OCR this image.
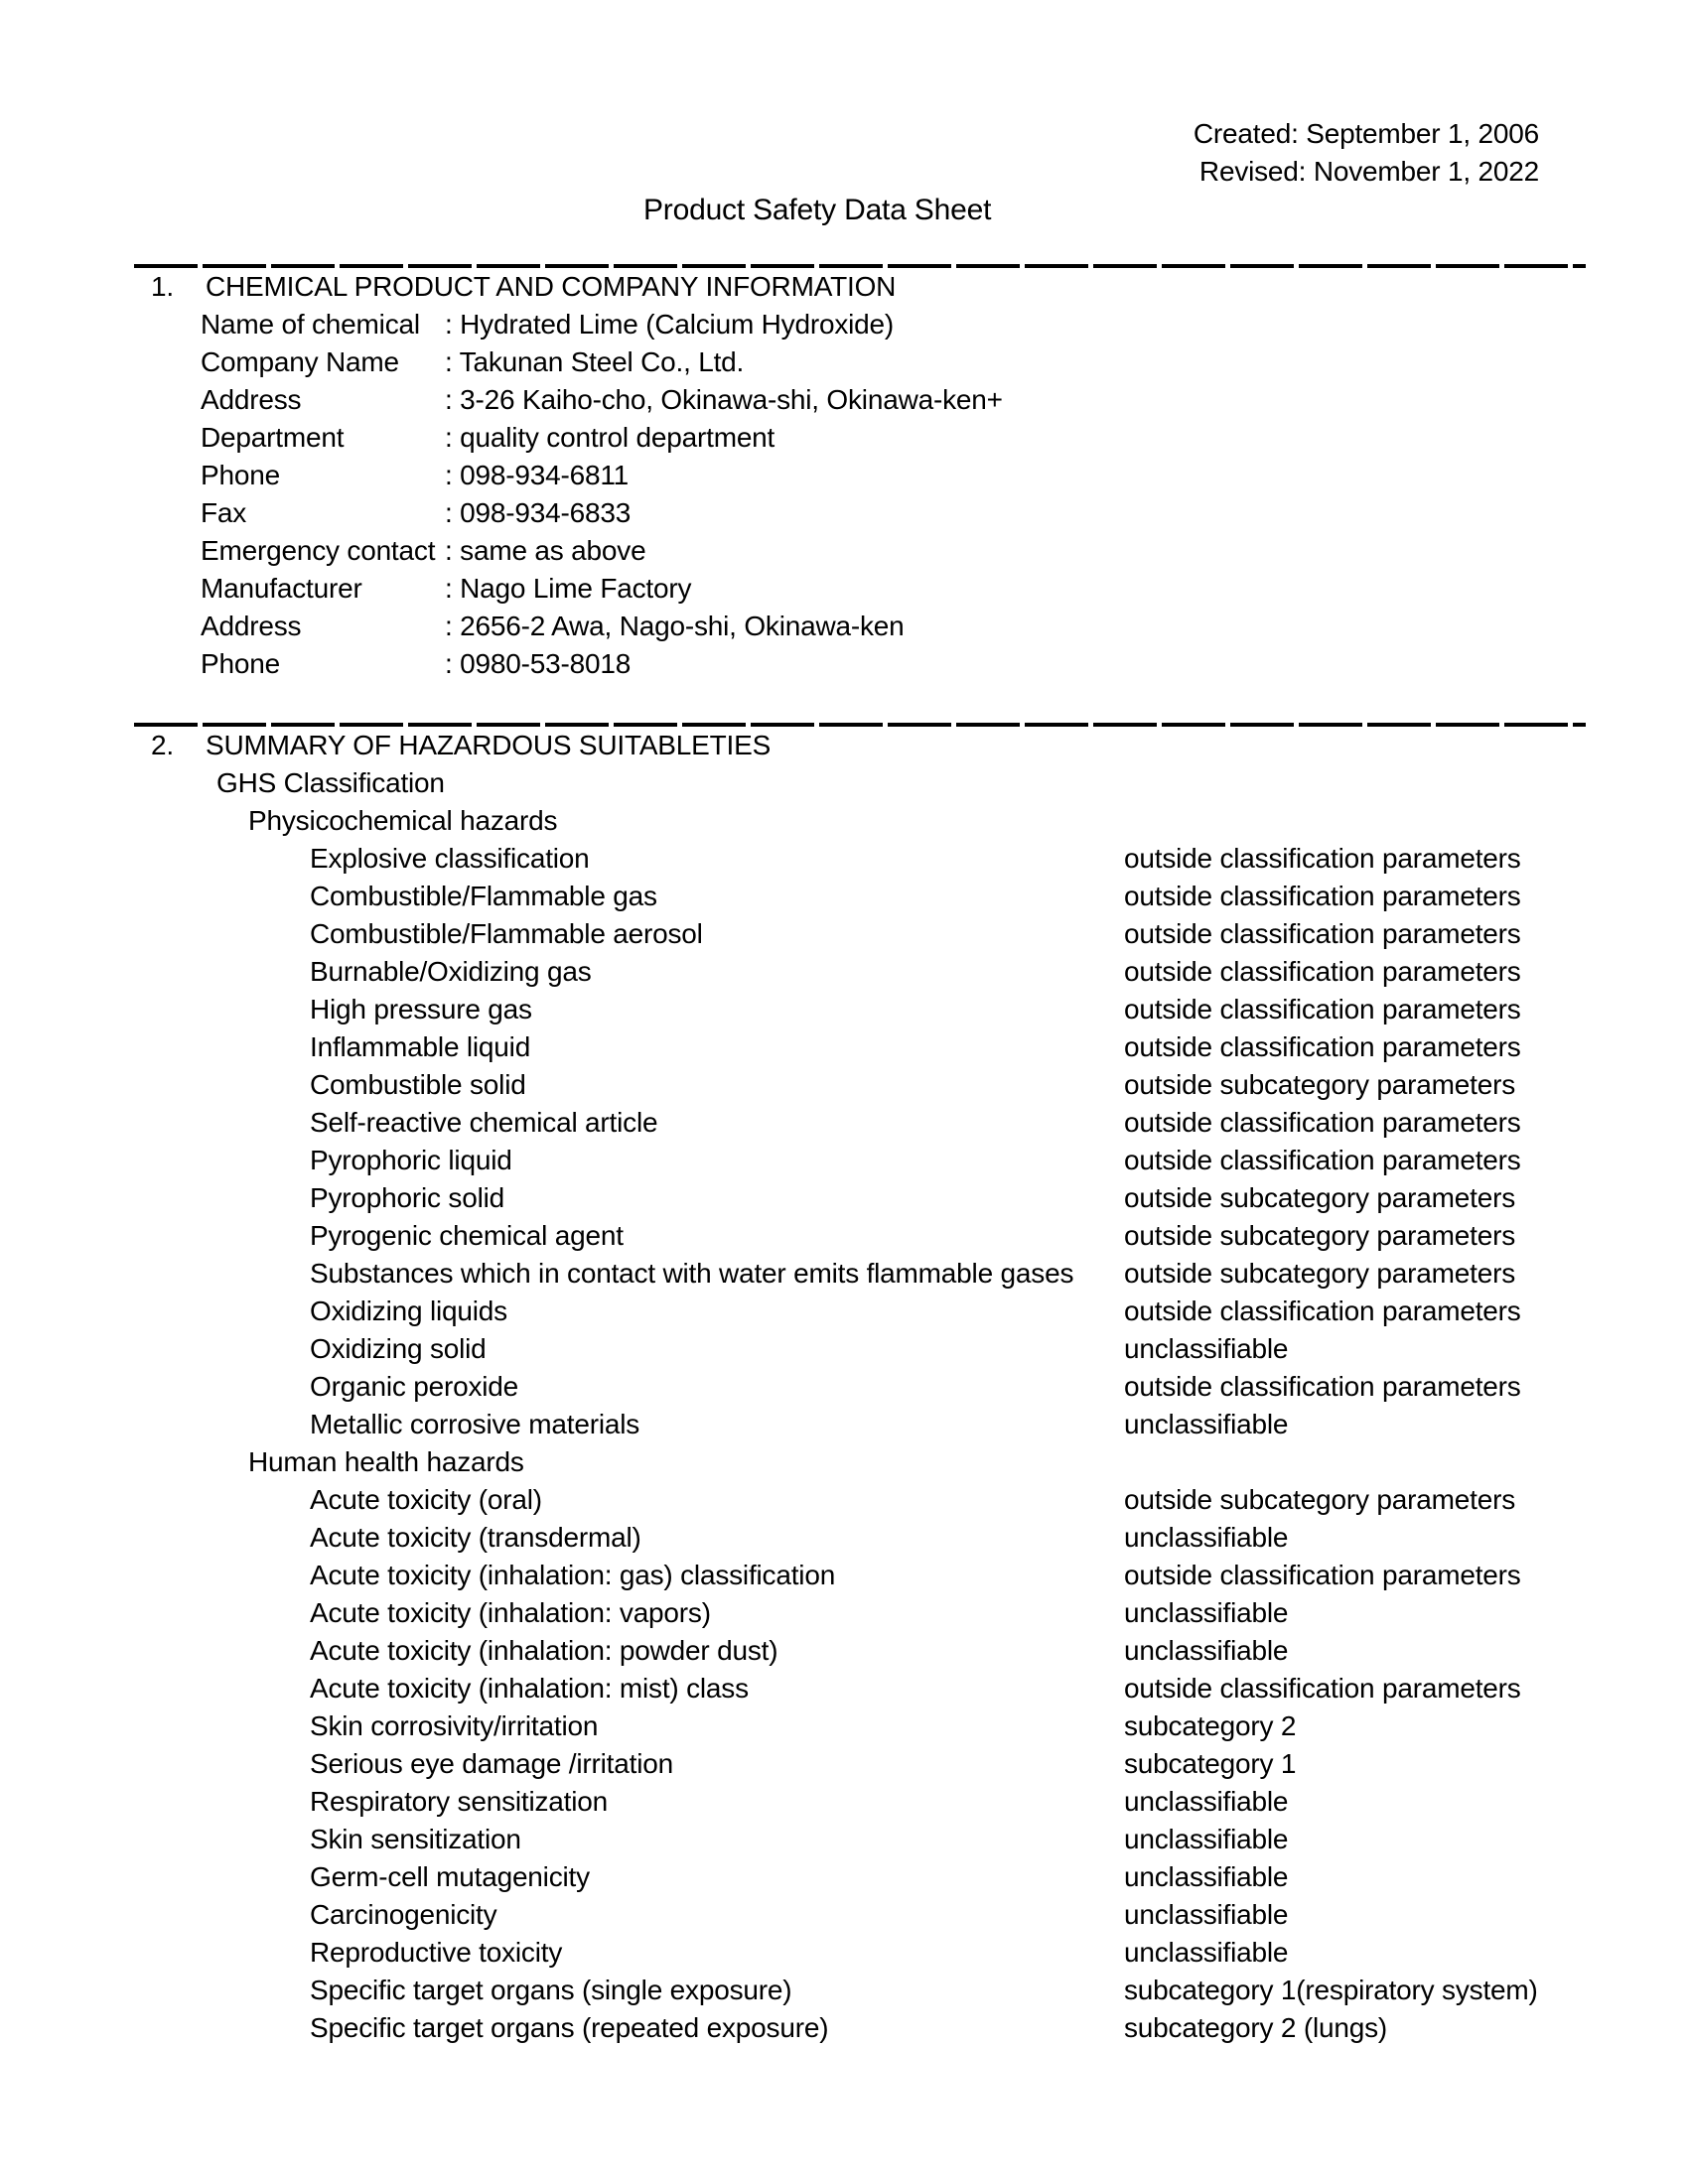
Created: September 1, 2006
Revised: November 1, 2022
Product Safety Data Sheet
1.	CHEMICAL PRODUCT AND COMPANY INFORMATION
Name of chemical : Hydrated Lime (Calcium Hydroxide)
Company Name	: Takunan Steel Co., Ltd.
Address	: 3-26 Kaiho-cho, Okinawa-shi, Okinawa-ken+
Department	: quality control department
Phone	: 098-934-6811
Fax	: 098-934-6833
Emergency contact : same as above
Manufacturer	: Nago Lime Factory
Address	: 2656-2 Awa, Nago-shi, Okinawa-ken
Phone	: 0980-53-8018
2.	SUMMARY OF HAZARDOUS SUITABLETIES
GHS Classification
Physicochemical hazards
Explosive classification	outside classification parameters
Combustible/Flammable gas	outside classification parameters
Combustible/Flammable aerosol	outside classification parameters
Burnable/Oxidizing gas	outside classification parameters
High pressure gas	outside classification parameters
Inflammable liquid	outside classification parameters
Combustible solid	outside subcategory parameters
Self-reactive chemical article	outside classification parameters
Pyrophoric liquid	outside classification parameters
Pyrophoric solid	outside subcategory parameters
Pyrogenic chemical agent	outside subcategory parameters
Substances which in contact with water emits flammable gases	outside subcategory parameters
Oxidizing liquids	outside classification parameters
Oxidizing solid	unclassifiable
Organic peroxide	outside classification parameters
Metallic corrosive materials	unclassifiable
Human health hazards
Acute toxicity (oral)	outside subcategory parameters
Acute toxicity (transdermal)	unclassifiable
Acute toxicity (inhalation: gas) classification	outside classification parameters
Acute toxicity (inhalation: vapors)	unclassifiable
Acute toxicity (inhalation: powder dust)	unclassifiable
Acute toxicity (inhalation: mist) class	outside classification parameters
Skin corrosivity/irritation	subcategory 2
Serious eye damage /irritation	subcategory 1
Respiratory sensitization	unclassifiable
Skin sensitization	unclassifiable
Germ-cell mutagenicity	unclassifiable
Carcinogenicity	unclassifiable
Reproductive toxicity	unclassifiable
Specific target organs (single exposure)	subcategory 1(respiratory system)
Specific target organs (repeated exposure)	subcategory 2 (lungs)
